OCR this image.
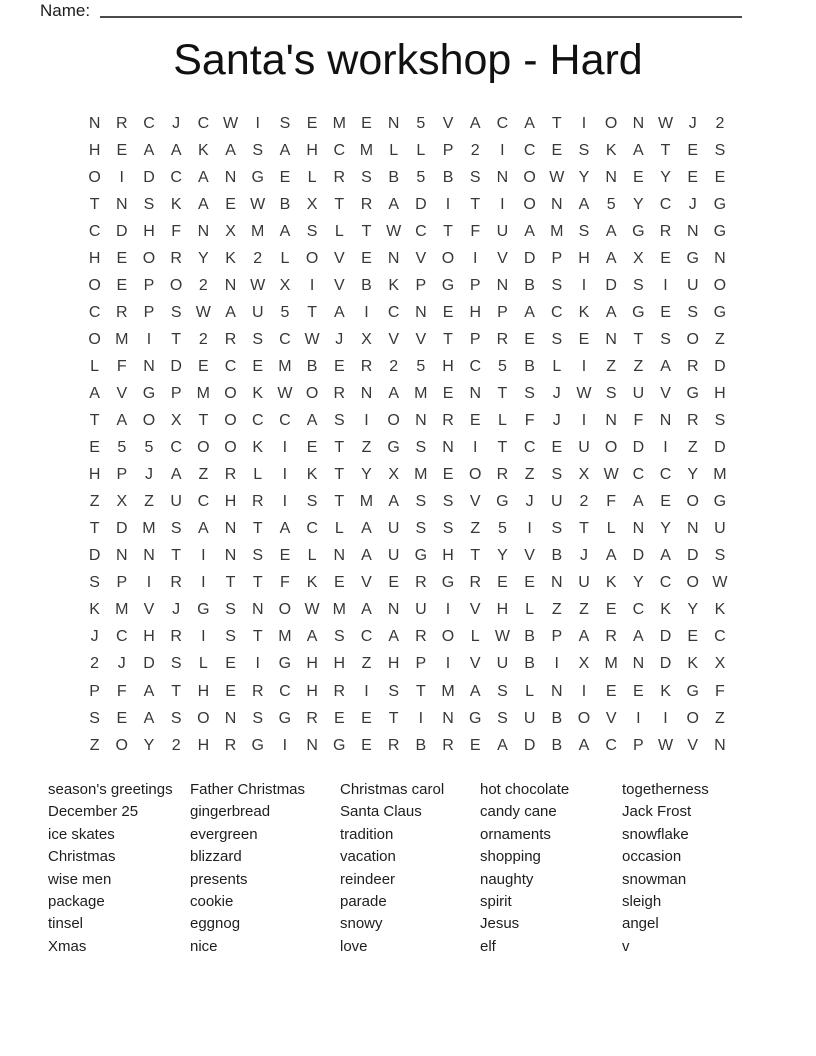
Name:
Santa's workshop - Hard
N R C	J	C W	I	S	E M E	N	5	V	A	C	A	T	I	O N W J	2
H	E	A	A	K	A	S	A	H C M	L	L	P	2	I	C	E	S	K	A	T	E	S
O	I	D C	A	N G E	L	R	S	B	5	B	S	N O W Y	N	E	Y	E	E
T	N	S	K	A	E W B	X	T	R	A	D	I	T	I	O N	A	5	Y	C	J	G
C D H	F	N	X M A	S	L	T W C	T	F	U	A M S	A G R N G
H	E O R	Y	K	2	L	O V	E	N	V O	I	V	D	P	H	A	X	E G N
O E	P O	2	N W X	I	V	B	K	P G P	N	B	S	I	D	S	I	U O
C R	P	S W A	U	5	T	A	I	C N	E	H	P	A	C	K	A G E	S G
O M	I	T	2	R	S	C W J	X	V	V	T	P	R	E	S	E	N	T	S O	Z
L	F	N D	E	C	E M B	E	R	2	5	H C	5	B	L	I	Z	Z	A	R D
A	V G P M O K W O R N	A M E	N	T	S	J W S	U	V G H
T	A O X	T	O C C	A	S	I	O N R	E	L	F	J	I	N	F	N R	S
E	5	5	C O O K	I	E	T	Z	G S	N	I	T	C	E	U O D	I	Z	D
H	P	J	A	Z	R	L	I	K	T	Y	X M E O R	Z	S	X W C C	Y M
Z	X	Z	U C H R	I	S	T M A	S	S	V G	J	U	2	F	A	E O G
T	D M S	A	N	T	A	C	L	A	U	S	S	Z	5	I	S	T	L	N	Y	N U
D N N	T	I	N	S	E	L	N	A	U G H	T	Y	V	B	J	A	D	A	D	S
S	P	I	R	I	T	T	F	K	E	V	E	R G R	E	E	N U	K	Y	C O W
K M V	J	G S	N O W M A	N U	I	V	H	L	Z	Z	E	C	K	Y	K
J	C H R	I	S	T M A	S	C	A	R O	L W B	P	A	R	A	D	E	C
2	J	D	S	L	E	I	G H H	Z	H	P	I	V	U	B	I	X M N D	K	X
P	F	A	T	H	E	R C H R	I	S	T M A	S	L	N	I	E	E	K G	F
S	E	A	S O N	S G R	E	E	T	I	N G S	U	B O V	I	I	O	Z
Z	O Y	2	H R G	I	N G E	R	B	R	E	A	D	B	A	C	P W V	N
season's greetings
December 25
ice skates
Christmas
wise men
package
tinsel
Xmas
Father Christmas
gingerbread
evergreen
blizzard
presents
cookie
eggnog
nice
Christmas carol
Santa Claus
tradition
vacation
reindeer
parade
snowy
love
hot chocolate
candy cane
ornaments
shopping
naughty
spirit
Jesus
elf
togetherness
Jack Frost
snowflake
occasion
snowman
sleigh
angel
v
